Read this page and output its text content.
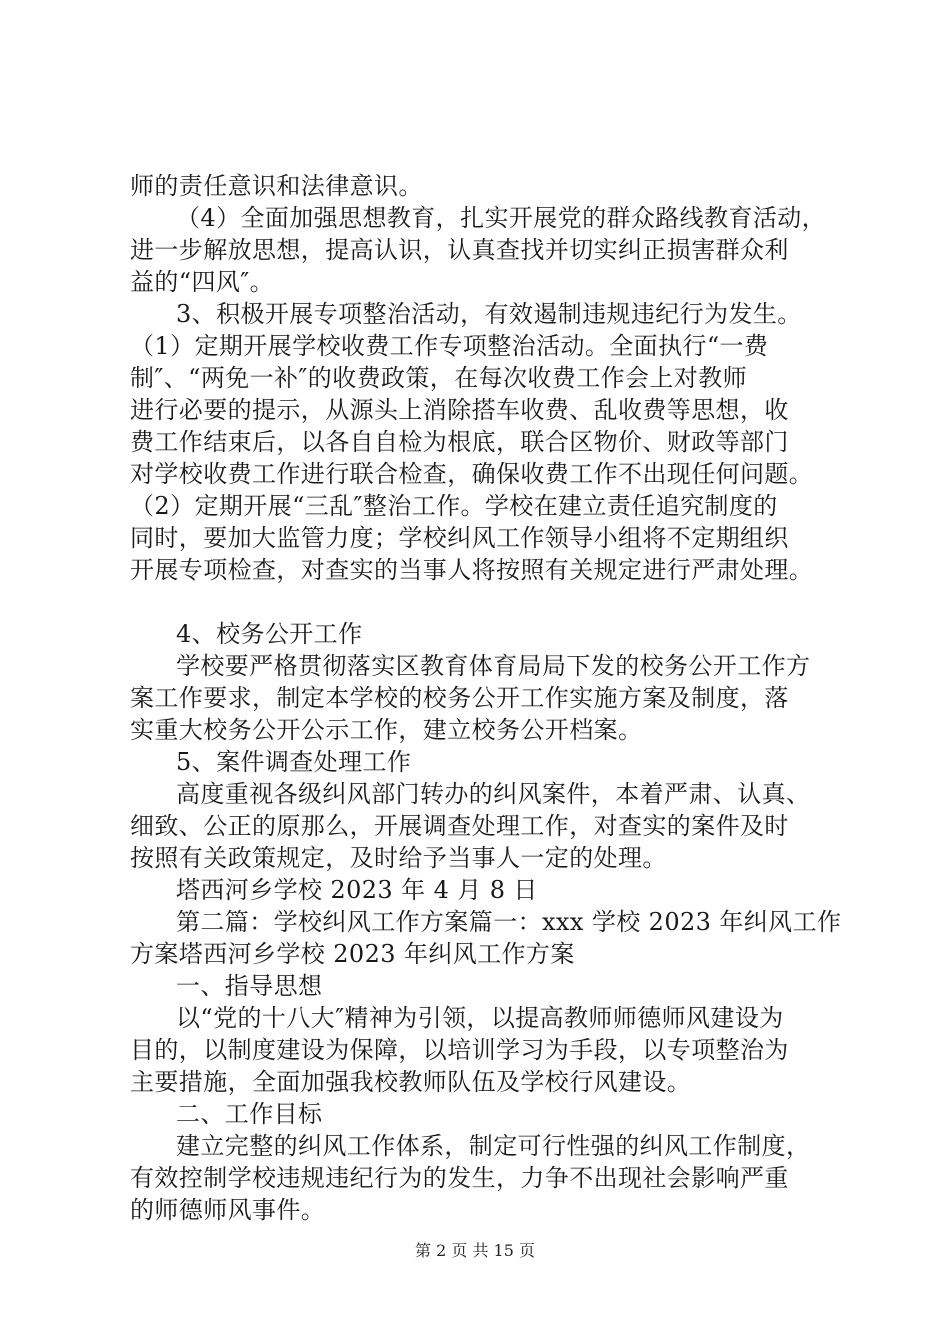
师的责任意识和法律意识。
（4）全面加强思想教育，扎实开展党的群众路线教育活动，
进一步解放思想，提高认识，认真查找并切实纠正损害群众利
益的“四风″。
3、积极开展专项整治活动，有效遏制违规违纪行为发生。
（1）定期开展学校收费工作专项整治活动。全面执行“一费
制″、“两免一补″的收费政策，在每次收费工作会上对教师
进行必要的提示，从源头上消除搭车收费、乱收费等思想，收
费工作结束后，以各自自检为根底，联合区物价、财政等部门
对学校收费工作进行联合检查，确保收费工作不出现任何问题。
（2）定期开展“三乱″整治工作。学校在建立责任追究制度的
同时，要加大监管力度；学校纠风工作领导小组将不定期组织
开展专项检查，对查实的当事人将按照有关规定进行严肃处理。
4、校务公开工作
学校要严格贯彻落实区教育体育局局下发的校务公开工作方
案工作要求，制定本学校的校务公开工作实施方案及制度，落
实重大校务公开公示工作，建立校务公开档案。
5、案件调查处理工作
高度重视各级纠风部门转办的纠风案件，本着严肃、认真、
细致、公正的原那么，开展调查处理工作，对查实的案件及时
按照有关政策规定，及时给予当事人一定的处理。
塔西河乡学校 2023 年 4 月 8 日
第二篇：学校纠风工作方案篇一：xxx 学校 2023 年纠风工作
方案塔西河乡学校 2023 年纠风工作方案
一、指导思想
以“党的十八大″精神为引领，以提高教师师德师风建设为
目的，以制度建设为保障，以培训学习为手段，以专项整治为
主要措施，全面加强我校教师队伍及学校行风建设。
二、工作目标
建立完整的纠风工作体系，制定可行性强的纠风工作制度，
有效控制学校违规违纪行为的发生，力争不出现社会影响严重
的师德师风事件。
第 2 页 共 15 页
